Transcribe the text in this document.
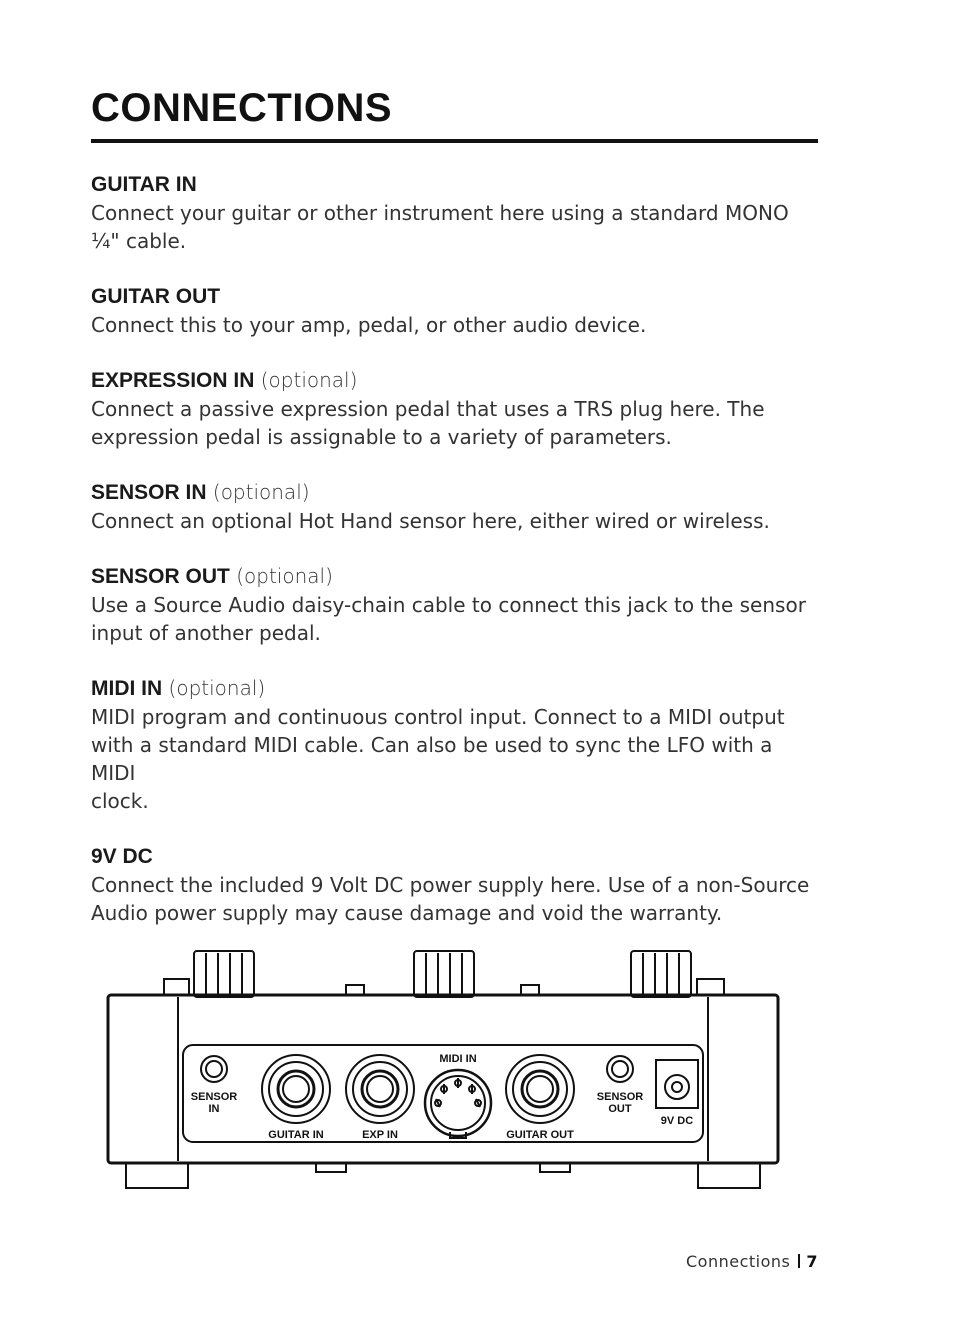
CONNECTIONS
GUITAR IN
Connect your guitar or other instrument here using a standard MONO
¼" cable.
GUITAR OUT
Connect this to your amp, pedal, or other audio device.
EXPRESSION IN (optional)
Connect a passive expression pedal that uses a TRS plug here. The
expression pedal is assignable to a variety of parameters.
SENSOR IN (optional)
Connect an optional Hot Hand sensor here, either wired or wireless.
SENSOR OUT (optional)
Use a Source Audio daisy-chain cable to connect this jack to the sensor
input of another pedal.
MIDI IN (optional)
MIDI program and continuous control input. Connect to a MIDI output
with a standard MIDI cable. Can also be used to sync the LFO with a MIDI
clock.
9V DC
Connect the included 9 Volt DC power supply here. Use of a non-Source
Audio power supply may cause damage and void the warranty.
SENSOR
IN
GUITAR IN	EXP IN
MIDI IN
GUITAR OUT
SENSOR
OUT
9V DC
Connections 7
